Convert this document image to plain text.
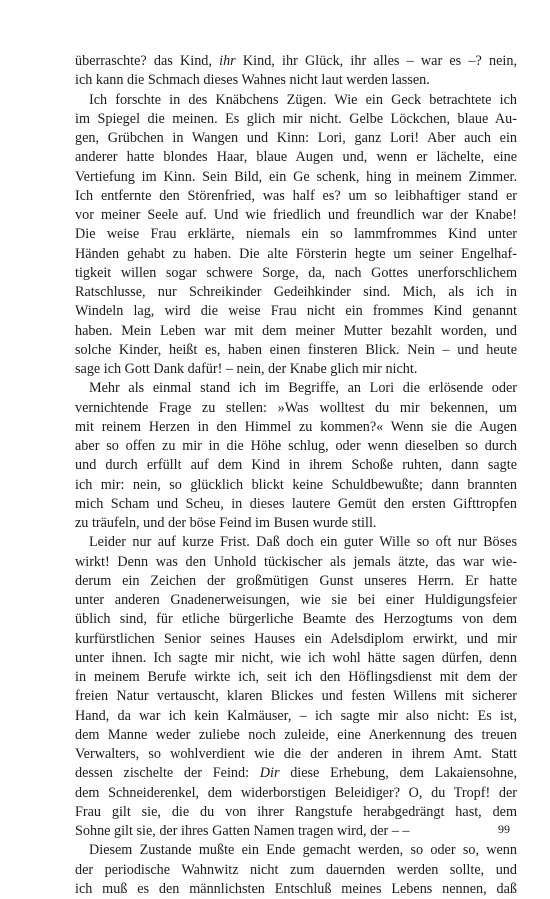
überraschte? das Kind, ihr Kind, ihr Glück, ihr alles – war es –? nein,
ich kann die Schmach dieses Wahnes nicht laut werden lassen.
Ich forschte in des Knäbchens Zügen. Wie ein Geck betrachtete ich
im Spiegel die meinen. Es glich mir nicht. Gelbe Löckchen, blaue Au-
gen, Grübchen in Wangen und Kinn: Lori, ganz Lori! Aber auch ein
anderer hatte blondes Haar, blaue Augen und, wenn er lächelte, eine
Vertiefung im Kinn. Sein Bild, ein Ge schenk, hing in meinem Zimmer.
Ich entfernte den Störenfried, was half es? um so leibhaftiger stand er
vor meiner Seele auf. Und wie friedlich und freundlich war der Knabe!
Die weise Frau erklärte, niemals ein so lammfrommes Kind unter
Händen gehabt zu haben. Die alte Försterin hegte um seiner Engelhaf-
tigkeit willen sogar schwere Sorge, da, nach Gottes unerforschlichem
Ratschlusse, nur Schreikinder Gedeihkinder sind. Mich, als ich in
Windeln lag, wird die weise Frau nicht ein frommes Kind genannt
haben. Mein Leben war mit dem meiner Mutter bezahlt worden, und
solche Kinder, heißt es, haben einen finsteren Blick. Nein – und heute
sage ich Gott Dank dafür! – nein, der Knabe glich mir nicht.
Mehr als einmal stand ich im Begriffe, an Lori die erlösende oder
vernichtende Frage zu stellen: »Was wolltest du mir bekennen, um
mit reinem Herzen in den Himmel zu kommen?« Wenn sie die Augen
aber so offen zu mir in die Höhe schlug, oder wenn dieselben so durch
und durch erfüllt auf dem Kind in ihrem Schoße ruhten, dann sagte
ich mir: nein, so glücklich blickt keine Schuldbewußte; dann brannten
mich Scham und Scheu, in dieses lautere Gemüt den ersten Gifttropfen
zu träufeln, und der böse Feind im Busen wurde still.
Leider nur auf kurze Frist. Daß doch ein guter Wille so oft nur Böses
wirkt! Denn was den Unhold tückischer als jemals ätzte, das war wie-
derum ein Zeichen der großmütigen Gunst unseres Herrn. Er hatte
unter anderen Gnadenerweisungen, wie sie bei einer Huldigungsfeier
üblich sind, für etliche bürgerliche Beamte des Herzogtums von dem
kurfürstlichen Senior seines Hauses ein Adelsdiplom erwirkt, und mir
unter ihnen. Ich sagte mir nicht, wie ich wohl hätte sagen dürfen, denn
in meinem Berufe wirkte ich, seit ich den Höflingsdienst mit dem der
freien Natur vertauscht, klaren Blickes und festen Willens mit sicherer
Hand, da war ich kein Kalmäuser, – ich sagte mir also nicht: Es ist,
dem Manne weder zuliebe noch zuleide, eine Anerkennung des treuen
Verwalters, so wohlverdient wie die der anderen in ihrem Amt. Statt
dessen zischelte der Feind: Dir diese Erhebung, dem Lakaiensohne,
dem Schneiderenkel, dem widerborstigen Beleidiger? O, du Tropf! der
Frau gilt sie, die du von ihrer Rangstufe herabgedrängt hast, dem
Sohne gilt sie, der ihres Gatten Namen tragen wird, der – –
Diesem Zustande mußte ein Ende gemacht werden, so oder so, wenn
der periodische Wahnwitz nicht zum dauernden werden sollte, und
ich muß es den männlichsten Entschluß meines Lebens nennen, daß
99
